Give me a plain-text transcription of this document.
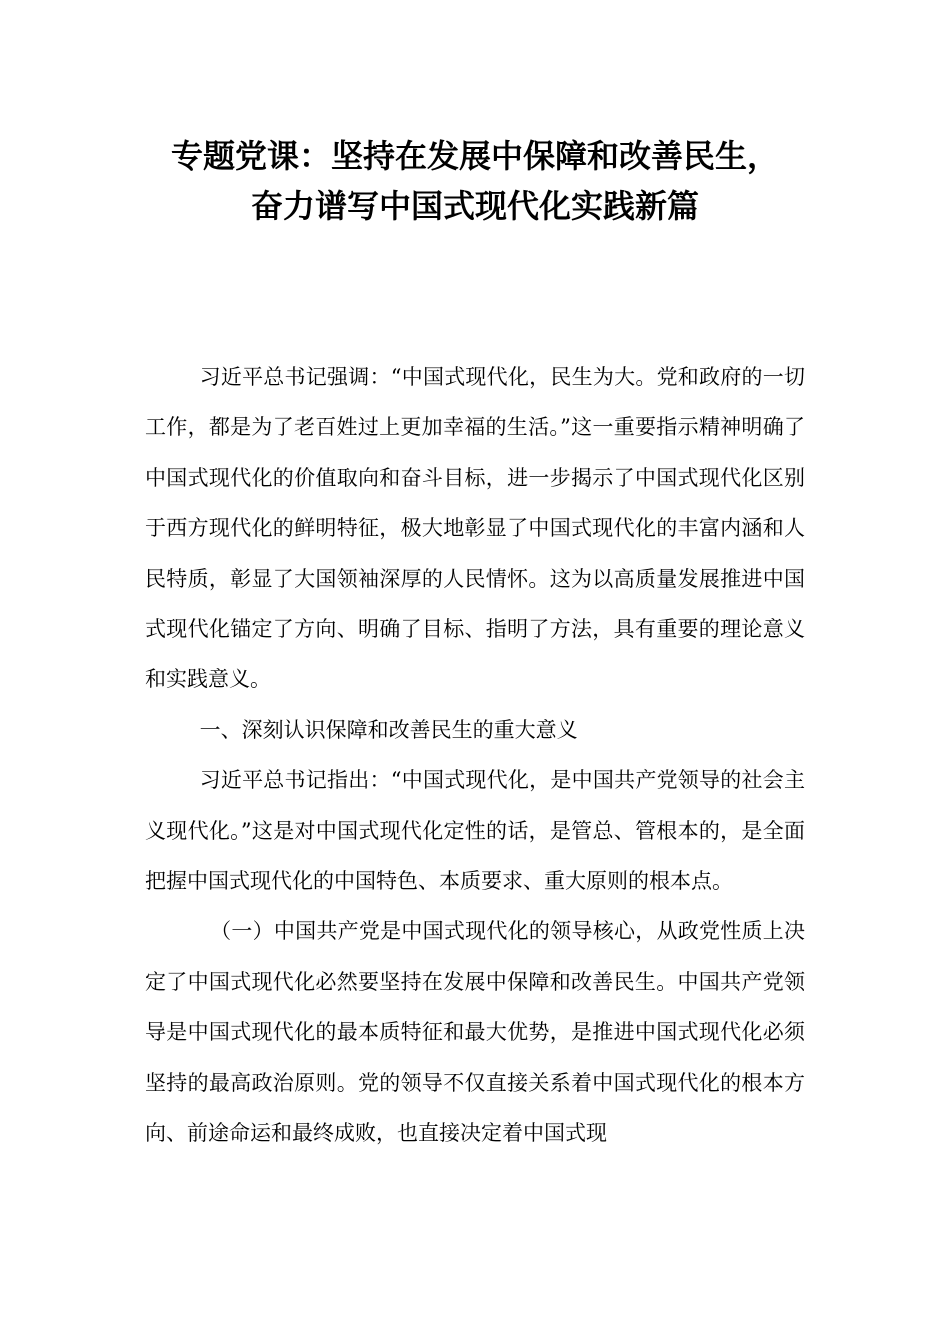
专题党课：坚持在发展中保障和改善民生，
奋力谱写中国式现代化实践新篇

习近平总书记强调：“中国式现代化，民生为大。党和政府的一切工作，都是为了老百姓过上更加幸福的生活。”这一重要指示精神明确了中国式现代化的价值取向和奋斗目标，进一步揭示了中国式现代化区别于西方现代化的鲜明特征，极大地彰显了中国式现代化的丰富内涵和人民特质，彰显了大国领袖深厚的人民情怀。这为以高质量发展推进中国式现代化锚定了方向、明确了目标、指明了方法，具有重要的理论意义和实践意义。

一、深刻认识保障和改善民生的重大意义

习近平总书记指出：“中国式现代化，是中国共产党领导的社会主义现代化。”这是对中国式现代化定性的话，是管总、管根本的，是全面把握中国式现代化的中国特色、本质要求、重大原则的根本点。

（一）中国共产党是中国式现代化的领导核心，从政党性质上决定了中国式现代化必然要坚持在发展中保障和改善民生。中国共产党领导是中国式现代化的最本质特征和最大优势，是推进中国式现代化必须坚持的最高政治原则。党的领导不仅直接关系着中国式现代化的根本方向、前途命运和最终成败，也直接决定着中国式现
